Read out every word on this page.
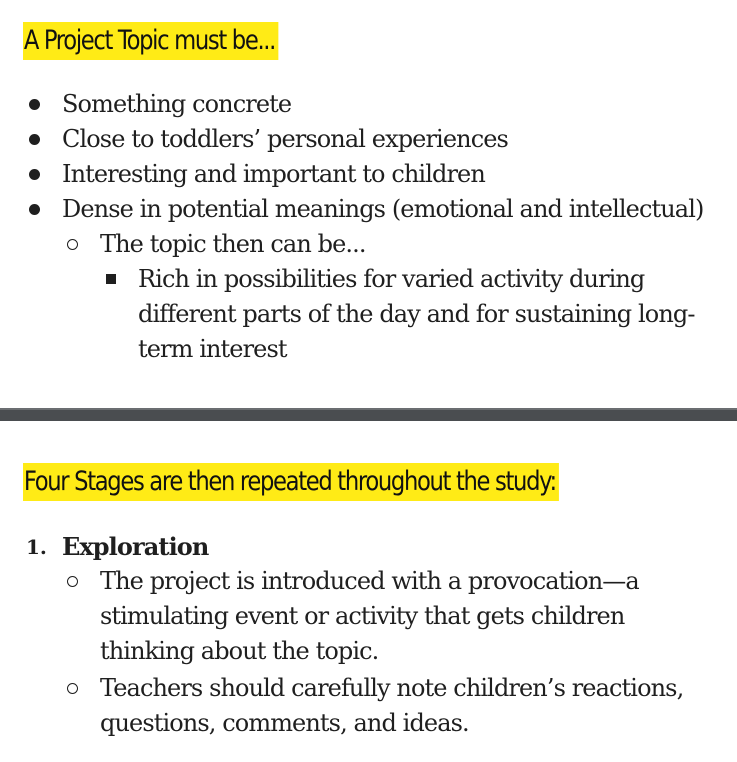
A Project Topic must be...
Something concrete
Close to toddlers’ personal experiences
Interesting and important to children
Dense in potential meanings (emotional and intellectual)
The topic then can be...
Rich in possibilities for varied activity during
different parts of the day and for sustaining long-
term interest
Four Stages are then repeated throughout the study:
1. Exploration
The project is introduced with a provocation—a
stimulating event or activity that gets children
thinking about the topic.
Teachers should carefully note children’s reactions,
questions, comments, and ideas.
